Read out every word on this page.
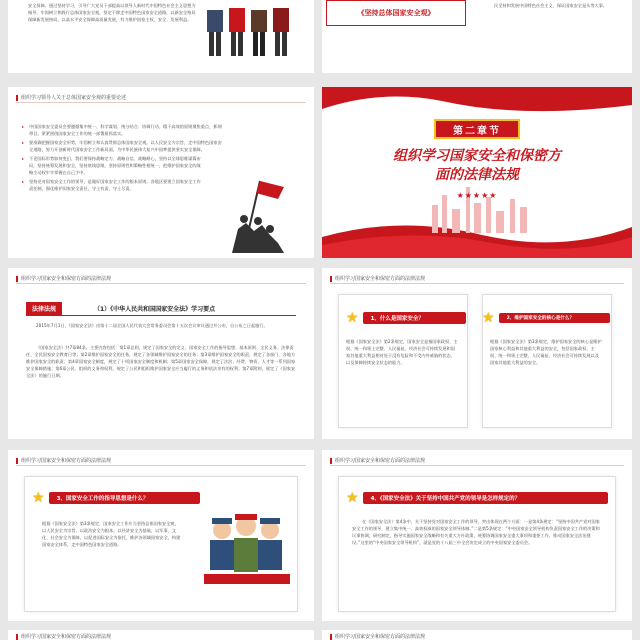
安全屏障。通过坚持学习，引导广大党员干部提高以领导人新时代中国特色社会主义思想为指导，牢固树立和践行总体国家安全观，坚定不移走中国特色国家安全道路，以新安全格局保障新发展格局，以高水平安全保障高质量发展，有力维护国家主权、安全、发展利益。
《坚持总体国家安全观》
民至持和发展中国特色社会主义，保证国家安全是头等大事。
组织学习领导人关于总体国家安全观的重要论述
▸ 中国国家安全委员会要遵循集中统一、科学谋划、统分结合、协调行动、精干高效的原则聚焦重点，抓纲带目，紧紧围绕国家安全工作的统一部署狠抓落实。
▸ 要准确把握国家安全形势，牢固树立和认真贯彻总体国家安全观，以人民安全为宗旨，走中国特色国家安全道路，努力开创新时代国家安全工作新局面，为中华民族伟大复兴中国梦提供坚实安全保障。
▸ 不论国际形势如何变幻，我们要保持战略定力、战略自信、战略耐心，坚持以全球思维谋篇布局，坚持统筹发展和安全，坚持底线思维，坚持原则性和策略性相统一，把维护国家安全的战略主动权牢牢掌握在自己手中。
▸ 坚持党对国家安全工作的领导，是做好国家安全工作的根本原则。各地区要建立国家安全工作责任制，强化维护国家安全责任，守土有责、守土尽责。
第二章节
组织学习国家安全和保密方
面的法律法规
★★★★★
组织学习国家安全和保密方面的法律法规
法律法规	（1）《中华人民共和国国家安全法》学习要点
2015年7月1日，《国家安全法》由第十二届全国人民代表大会常务委员会第十五次会议审议通过并公布，自公布之日起施行。
《国家安全法》共7章84条，主要内容包括：第1章总则，规定了国家安全的定义、国家安全工作的指导思想、基本原则、全民义务、法律责任、全民国家安全教育日等；第2章维护国家安全的任务，规定了各领域维护国家安全的任务；第3章维护国家安全的职责，规定了各部门、各地方维护国家安全的职责；第4章国家安全制度，规定了十项国家安全制度和机制；第5章国家安全保障，规定了法治、经费、物资、人才等一系列国家安全保障措施；第6章公民、组织的义务和权利，规定了公民和组织维护国家安全应当履行的义务和依法享有的权利；第7章附则，规定了《国家安全法》的施行日期。
组织学习国家安全和保密方面的法律法规
★	1、什么是国家安全？	★	2、维护国家安全的核心是什么？
根据《国家安全法》第2条规定，国家安全是指国家政权、主权、统一和领土完整、人民福祉、经济社会可持续发展和国家其他重大利益相对处于没有危险和不受内外威胁的状态，以及保障持续安全状态的能力。
根据《国家安全法》第3条规定，维护国家安全的核心是维护国家核心利益和其他重大利益的安全，包括国家政权、主权、统一和领土完整、人民福祉、经济社会可持续发展以及国家其他重大利益的安全。
组织学习国家安全和保密方面的法律法规
★	3、国家安全工作的指导思想是什么？
根据《国家安全法》第3条规定，国家安全工作应当坚持总体国家安全观，以人民安全为宗旨，以政治安全为根本，以经济安全为基础，以军事、文化、社会安全为保障，以促进国际安全为依托，维护各领域国家安全，构建国家安全体系，走中国特色国家安全道路。
组织学习国家安全和保密方面的法律法规
★	4、《国家安全法》关于坚持中国共产党的领导是怎样规定的？
在《国家安全法》第4条中，关于坚持党对国家安全工作的领导，突出体现在两个方面：一是第4条规定：“坚持中国共产党对国家安全工作的领导，建立集中统一、高效权威的国家安全领导体制。”二是第5条规定：“中央国家安全领导机构负责国家安全工作的决策和议事协调，研究制定、指导实施国家安全战略和有关重大方针政策，统筹协调国家安全重大事项和重要工作，推动国家安全法治建设。”这里的“中央国家安全领导机构”，就是党的十八届三中全会决定成立的中央国家安全委员会。
组织学习国家安全和保密方面的法律法规	组织学习国家安全和保密方面的法律法规
